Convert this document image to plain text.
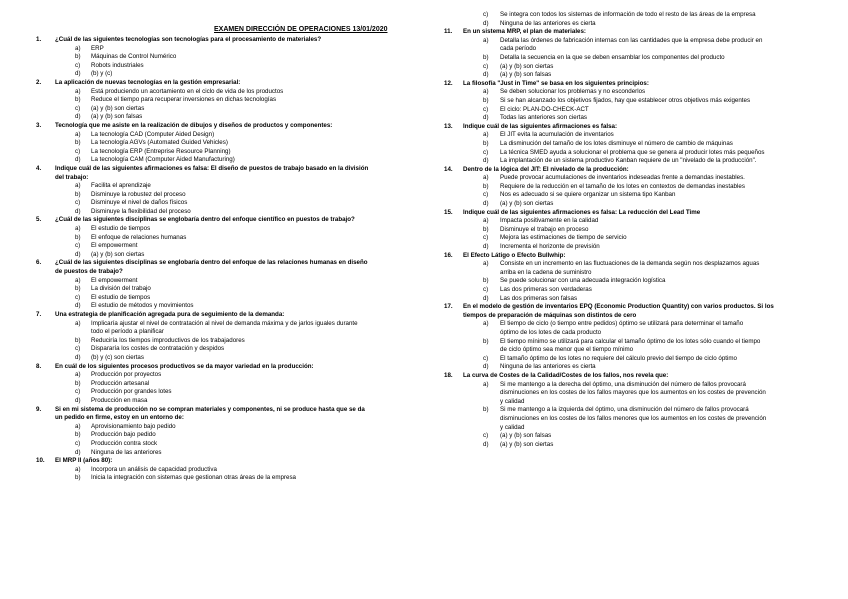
EXAMEN DIRECCIÓN DE OPERACIONES 13/01/2020
1. ¿Cuál de las siguientes tecnologías son tecnologías para el procesamiento de materiales?
a) ERP
b) Máquinas de Control Numérico
c) Robots industriales
d) (b) y (c)
2. La aplicación de nuevas tecnologías en la gestión empresarial:
a) Está produciendo un acortamiento en el ciclo de vida de los productos
b) Reduce el tiempo para recuperar inversiones en dichas tecnologías
c) (a) y (b) son ciertas
d) (a) y (b) son falsas
3. Tecnología que me asiste en la realización de dibujos y diseños de productos y componentes:
a) La tecnología CAD (Computer Aided Design)
b) La tecnología AGVs (Automated Guided Vehicles)
c) La tecnología ERP (Entreprise Resource Planning)
d) La tecnología CAM (Computer Aided Manufacturing)
4. Indique cuál de las siguientes afirmaciones es falsa: El diseño de puestos de trabajo basado en la división
del trabajo:
a) Facilita el aprendizaje
b) Disminuye la robustez del proceso
c) Disminuye el nivel de daños físicos
d) Disminuye la flexibilidad del proceso
5. ¿Cuál de las siguientes disciplinas se englobaría dentro del enfoque científico en puestos de trabajo?
a) El estudio de tiempos
b) El enfoque de relaciones humanas
c) El empowerment
d) (a) y (b) son ciertas
6. ¿Cuál de las siguientes disciplinas se englobaría dentro del enfoque de las relaciones humanas en diseño
de puestos de trabajo?
a) El empowerment
b) La división del trabajo
c) El estudio de tiempos
d) El estudio de métodos y movimientos
7. Una estrategia de planificación agregada pura de seguimiento de la demanda:
a) Implicaría ajustar el nivel de contratación al nivel de demanda máxima y de jarlos iguales durante
todo el período a planificar
b) Reduciría los tiempos improductivos de los trabajadores
c) Dispararía los costes de contratación y despidos
d) (b) y (c) son ciertas
8. En cuál de los siguientes procesos productivos se da mayor variedad en la producción:
a) Producción por proyectos
b) Producción artesanal
c) Producción por grandes lotes
d) Producción en masa
9. Si en mi sistema de producción no se compran materiales y componentes, ni se produce hasta que se da
un pedido en firme, estoy en un entorno de:
a) Aprovisionamiento bajo pedido
b) Producción bajo pedido
c) Producción contra stock
d) Ninguna de las anteriores
10. El MRP II (años 80):
a) Incorpora un análisis de capacidad productiva
b) Inicia la integración con sistemas que gestionan otras áreas de la empresa
c) Se integra con todos los sistemas de información de todo el resto de las áreas de la empresa
d) Ninguna de las anteriores es cierta
11. En un sistema MRP, el plan de materiales:
a) Detalla las órdenes de fabricación internas con las cantidades que la empresa debe producir en
cada período
b) Detalla la secuencia en la que se deben ensamblar los componentes del producto
c) (a) y (b) son ciertas
d) (a) y (b) son falsas
12. La filosofía "Just in Time" se basa en los siguientes principios:
a) Se deben solucionar los problemas y no esconderlos
b) Si se han alcanzado los objetivos fijados, hay que establecer otros objetivos más exigentes
c) El ciclo: PLAN-DO-CHECK-ACT
d) Todas las anteriores son ciertas
13. Indique cuál de las siguientes afirmaciones es falsa:
a) El JIT evita la acumulación de inventarios
b) La disminución del tamaño de los lotes disminuye el número de cambio de máquinas
c) La técnica SMED ayuda a solucionar el problema que se genera al producir lotes más pequeños
d) La implantación de un sistema productivo Kanban requiere de un "nivelado de la producción".
14. Dentro de la lógica del JIT: El nivelado de la producción:
a) Puede provocar acumulaciones de inventarios indeseadas frente a demandas inestables.
b) Requiere de la reducción en el tamaño de los lotes en contextos de demandas inestables
c) Nos es adecuado si se quiere organizar un sistema tipo Kanban
d) (a) y (b) son ciertas
15. Indique cuál de las siguientes afirmaciones es falsa: La reducción del Lead Time
a) Impacta positivamente en la calidad
b) Disminuye el trabajo en proceso
c) Mejora las estimaciones de tiempo de servicio
d) Incrementa el horizonte de previsión
16. El Efecto Látigo o Efecto Bullwhip:
a) Consiste en un incremento en las fluctuaciones de la demanda según nos desplazamos aguas
arriba en la cadena de suministro
b) Se puede solucionar con una adecuada integración logística
c) Las dos primeras son verdaderas
d) Las dos primeras son falsas
17. En el modelo de gestión de inventarios EPQ (Economic Production Quantity) con varios productos. Si los
tiempos de preparación de máquinas son distintos de cero
a) El tiempo de ciclo (o tiempo entre pedidos) óptimo se utilizará para determinar el tamaño
óptimo de los lotes de cada producto
b) El tiempo mínimo se utilizará para calcular el tamaño óptimo de los lotes sólo cuando el tiempo
de ciclo óptimo sea menor que el tiempo mínimo
c) El tamaño óptimo de los lotes no requiere del cálculo previo del tiempo de ciclo óptimo
d) Ninguna de las anteriores es cierta
18. La curva de Costes de la Calidad/Costes de los fallos, nos revela que:
a) Si me mantengo a la derecha del óptimo, una disminución del número de fallos provocará
disminuciones en los costes de los fallos mayores que los aumentos en los costes de prevención
y calidad
b) Si me mantengo a la izquierda del óptimo, una disminución del número de fallos provocará
disminuciones en los costes de los fallos menores que los aumentos en los costes de prevención
y calidad
c) (a) y (b) son falsas
d) (a) y (b) son ciertas
